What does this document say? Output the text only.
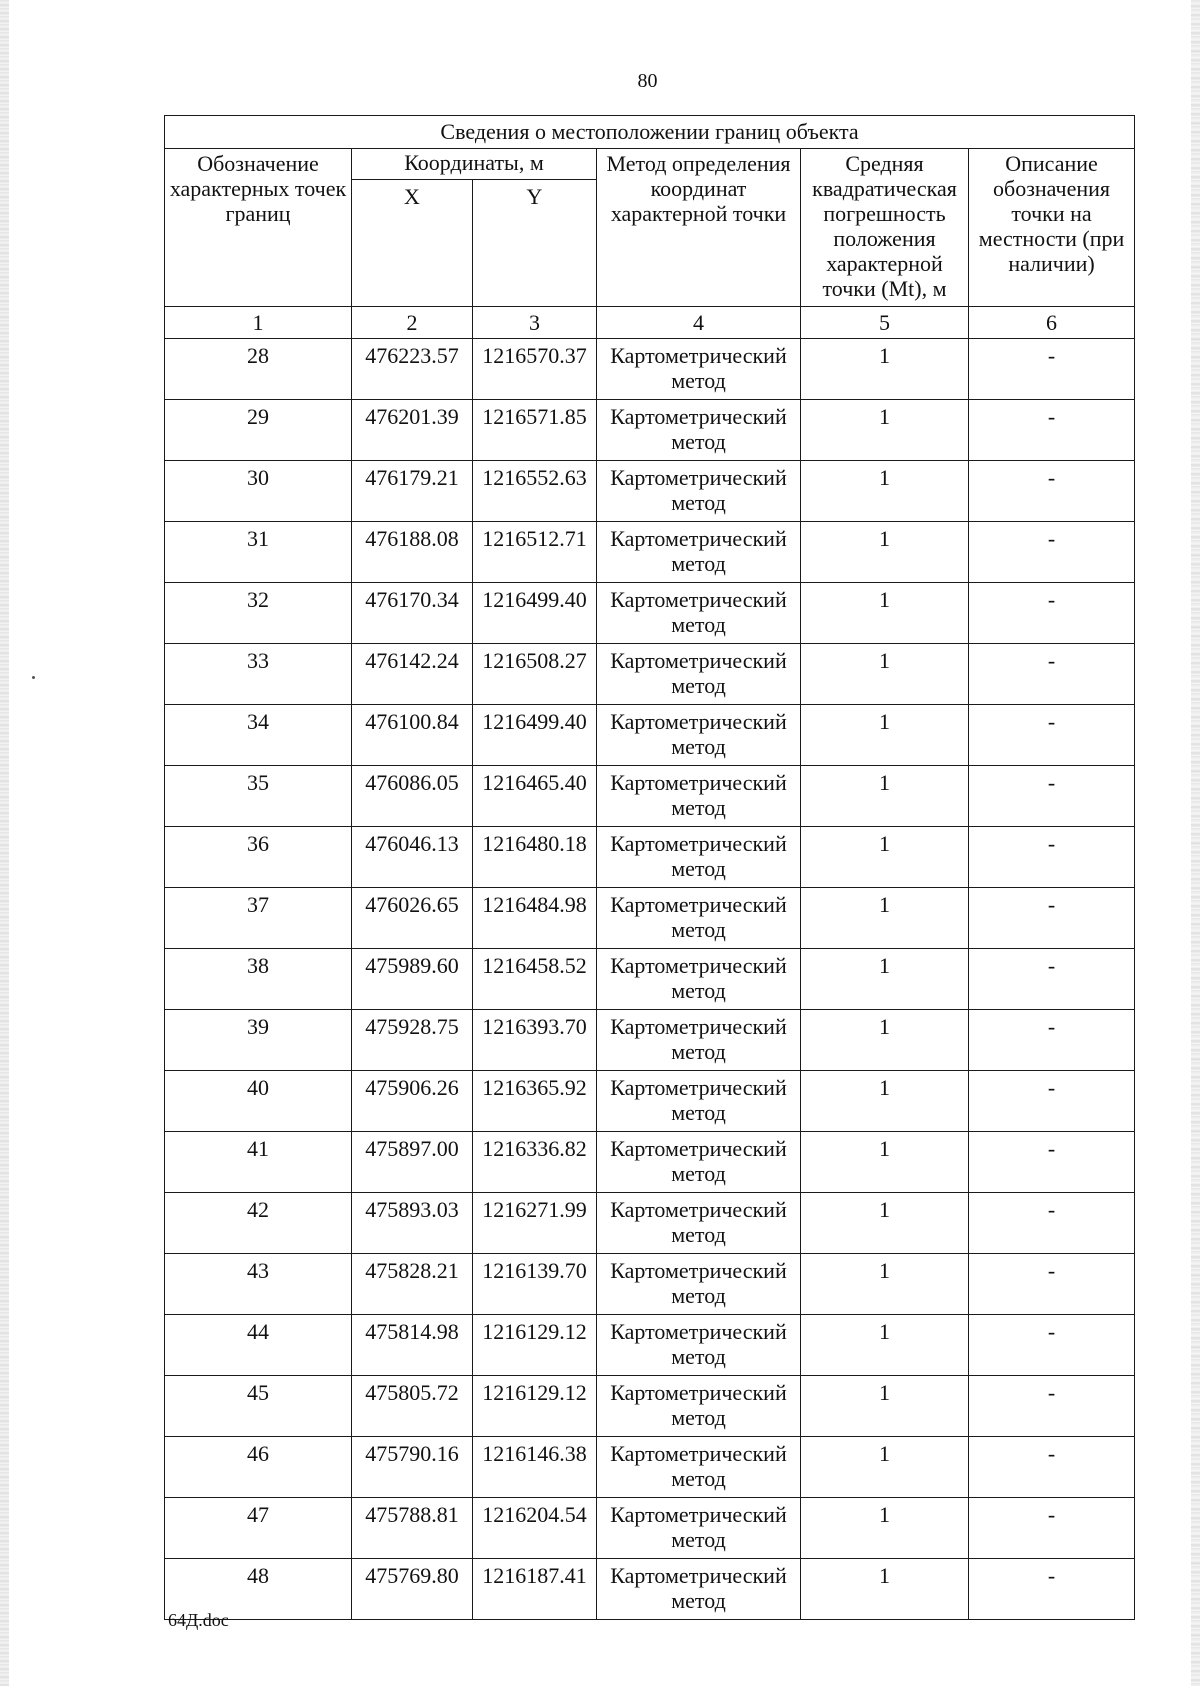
80
Сведения о местоположении границ объекта					
Обозначение характерных точек границ	Координаты, м		Метод определения координат характерной точки	Средняя квадратическая погрешность положения характерной точки (Mt), м	Описание обозначения точки на местности (при наличии)
	X	Y			
1	2	3	4	5	6
28	476223.57	1216570.37	Картометрический метод	1	-
29	476201.39	1216571.85	Картометрический метод	1	-
30	476179.21	1216552.63	Картометрический метод	1	-
31	476188.08	1216512.71	Картометрический метод	1	-
32	476170.34	1216499.40	Картометрический метод	1	-
33	476142.24	1216508.27	Картометрический метод	1	-
34	476100.84	1216499.40	Картометрический метод	1	-
35	476086.05	1216465.40	Картометрический метод	1	-
36	476046.13	1216480.18	Картометрический метод	1	-
37	476026.65	1216484.98	Картометрический метод	1	-
38	475989.60	1216458.52	Картометрический метод	1	-
39	475928.75	1216393.70	Картометрический метод	1	-
40	475906.26	1216365.92	Картометрический метод	1	-
41	475897.00	1216336.82	Картометрический метод	1	-
42	475893.03	1216271.99	Картометрический метод	1	-
43	475828.21	1216139.70	Картометрический метод	1	-
44	475814.98	1216129.12	Картометрический метод	1	-
45	475805.72	1216129.12	Картометрический метод	1	-
46	475790.16	1216146.38	Картометрический метод	1	-
47	475788.81	1216204.54	Картометрический метод	1	-
48	475769.80	1216187.41	Картометрический метод	1	-
64Д.doc
